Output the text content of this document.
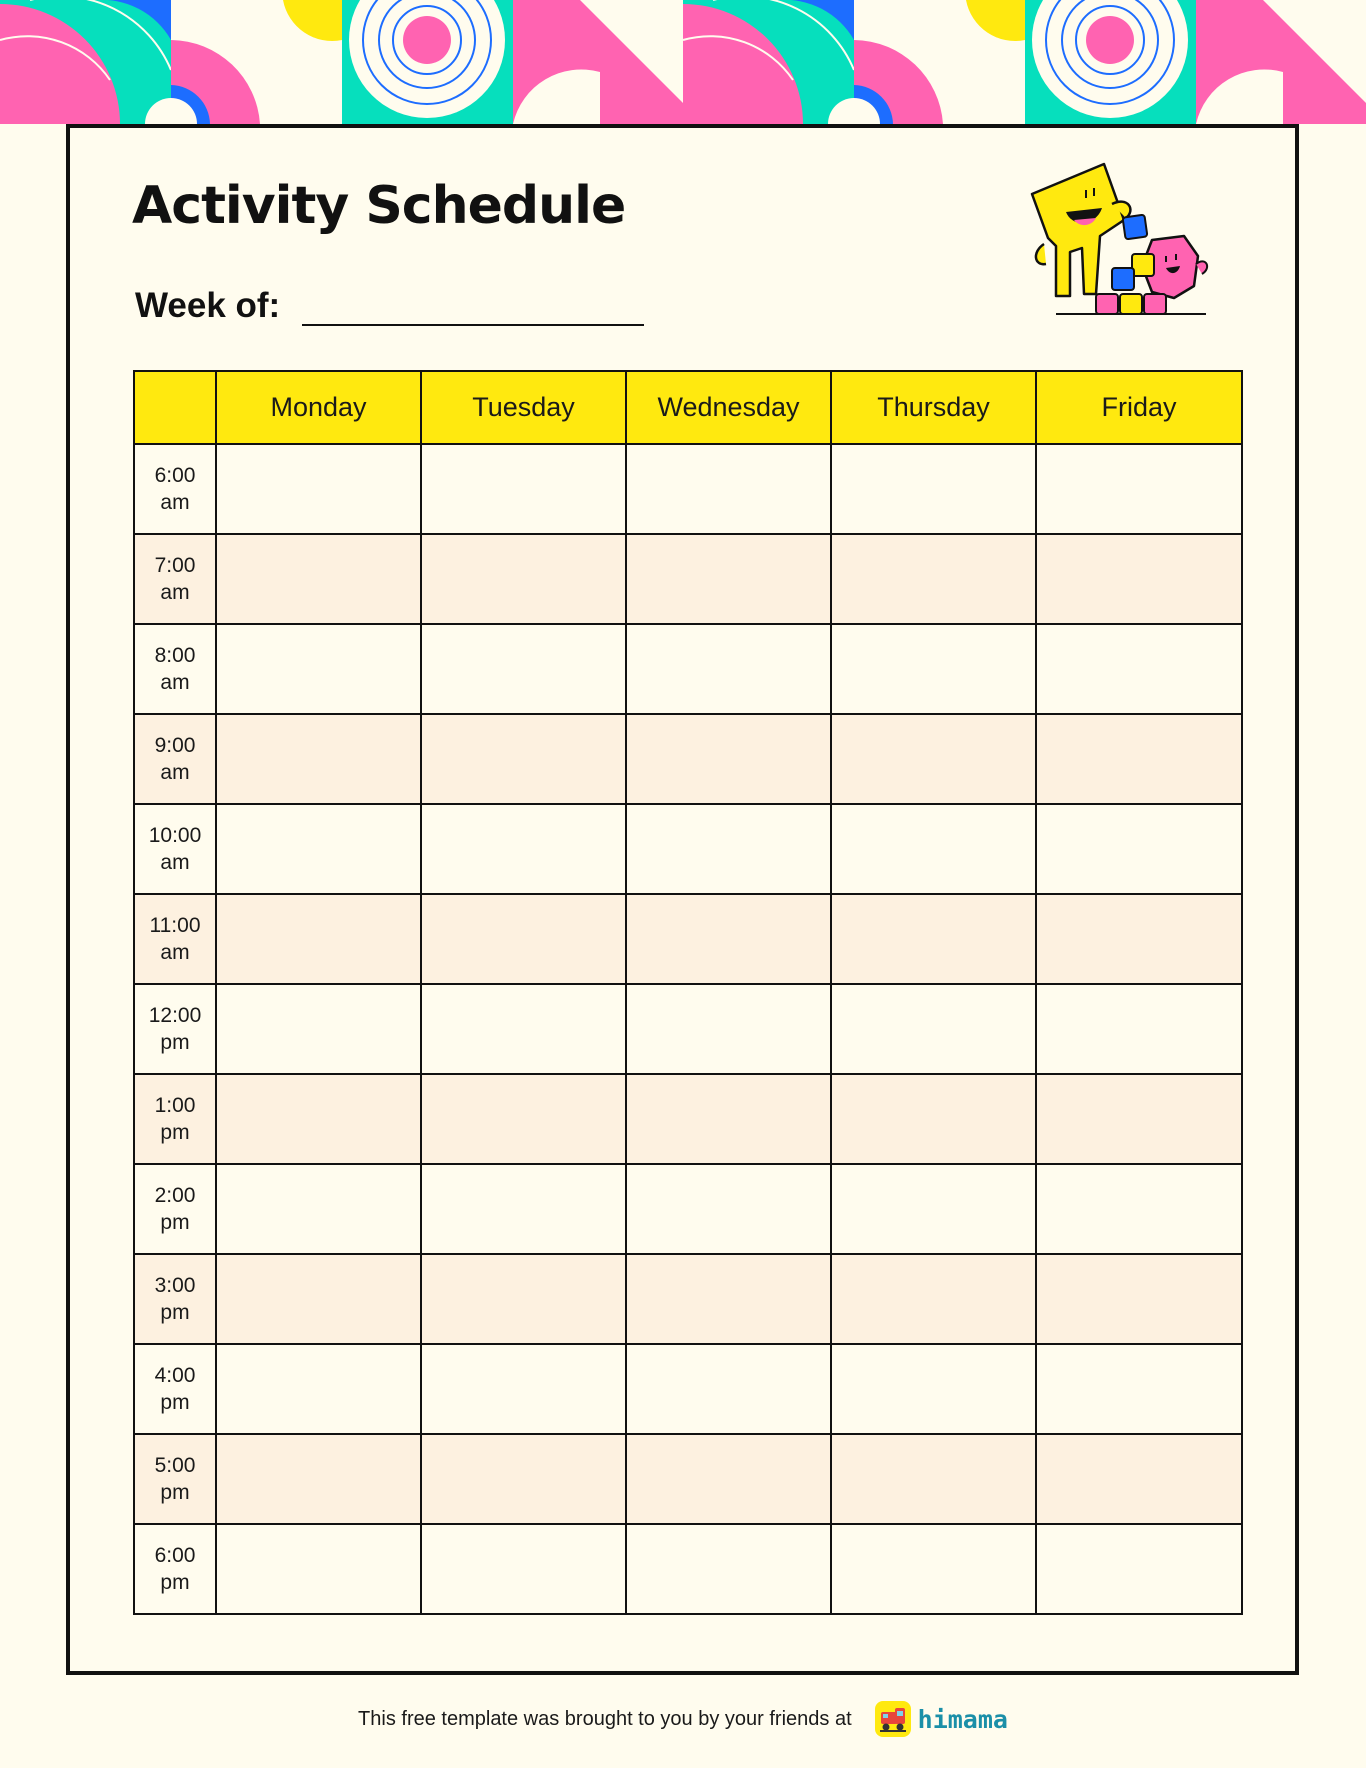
Activity Schedule
Week of:
	Monday	Tuesday	Wednesday	Thursday	Friday

6:00
am					

7:00
am					

8:00
am					

9:00
am					

10:00
am					

11:00
am					

12:00
pm					

1:00
pm					

2:00
pm					

3:00
pm					

4:00
pm					

5:00
pm					

6:00
pm					

This free template was brought to you by your friends at	himama
